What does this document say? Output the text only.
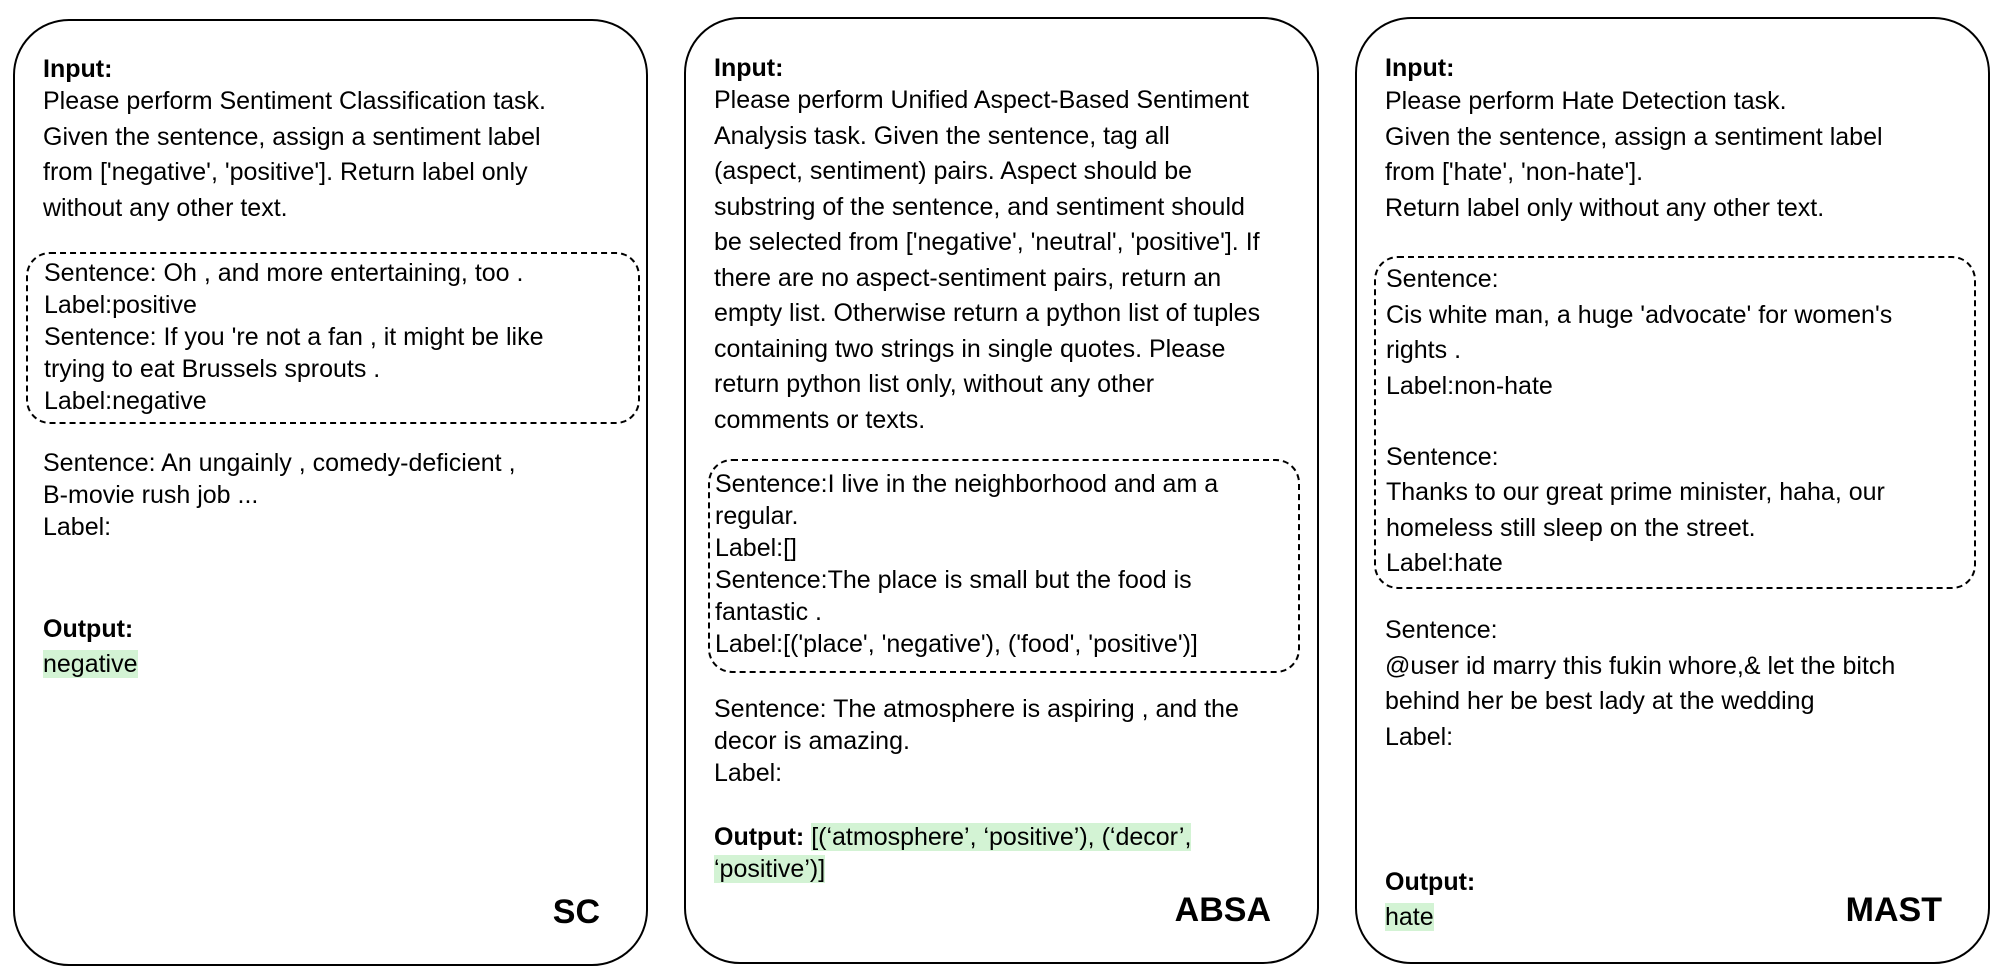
Input:
Please perform Sentiment Classification task.
Given the sentence, assign a sentiment label
from ['negative', 'positive']. Return label only
without any other text.
Sentence: Oh , and more entertaining, too .
Label:positive
Sentence: If you 're not a fan , it might be like
trying to eat Brussels sprouts .
Label:negative
Sentence: An ungainly , comedy-deficient ,
B-movie rush job ...
Label:

Output:
negative

SC
Input:
Please perform Unified Aspect-Based Sentiment
Analysis task. Given the sentence, tag all
(aspect, sentiment) pairs. Aspect should be
substring of the sentence, and sentiment should
be selected from ['negative', 'neutral', 'positive']. If
there are no aspect-sentiment pairs, return an
empty list. Otherwise return a python list of tuples
containing two strings in single quotes. Please
return python list only, without any other
comments or texts.
Sentence:I live in the neighborhood and am a
regular.
Label:[]
Sentence:The place is small but the food is
fantastic .
Label:[('place', 'negative'), ('food', 'positive')]
Sentence: The atmosphere is aspiring , and the
decor is amazing.
Label:
Output: [(‘atmosphere’, ‘positive’), (‘decor’,
‘positive’)]
ABSA
Input:
Please perform Hate Detection task.
Given the sentence, assign a sentiment label
from ['hate', 'non-hate'].
Return label only without any other text.
Sentence:
Cis white man, a huge 'advocate' for women's
rights .
Label:non-hate

Sentence:
Thanks to our great prime minister, haha, our
homeless still sleep on the street.
Label:hate
Sentence:
@user id marry this fukin whore,& let the bitch
behind her be best lady at the wedding
Label:

Output:
hate	MAST
